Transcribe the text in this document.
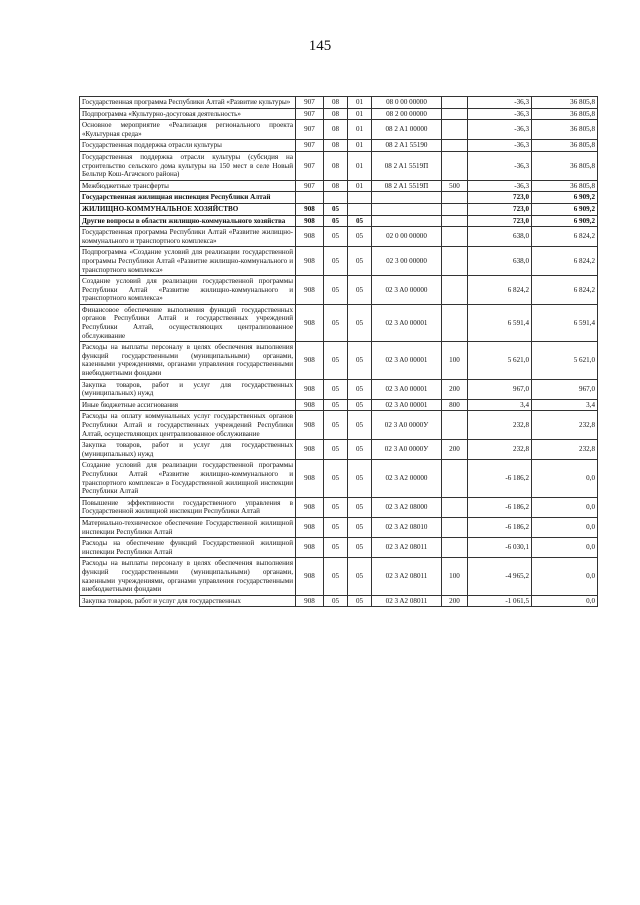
145
Государственная программа Республики Алтай «Развитие культуры»	907	08	01	08 0 00 00000		-36,3	36 805,8
Подпрограмма «Культурно-досуговая деятельность»	907	08	01	08 2 00 00000		-36,3	36 805,8
Основное мероприятие «Реализация регионального проекта «Культурная среда»	907	08	01	08 2 A1 00000		-36,3	36 805,8
Государственная поддержка отрасли культуры	907	08	01	08 2 A1 55190		-36,3	36 805,8
Государственная поддержка отрасли культуры (субсидия на строительство сельского дома культуры на 150 мест в селе Новый Бельтир Кош-Агачского района)	907	08	01	08 2 A1 5519П		-36,3	36 805,8
Межбюджетные трансферты	907	08	01	08 2 A1 5519П	500	-36,3	36 805,8
Государственная жилищная инспекция Республики Алтай						723,0	6 909,2
ЖИЛИЩНО-КОММУНАЛЬНОЕ ХОЗЯЙСТВО	908	05				723,0	6 909,2
Другие вопросы в области жилищно-коммунального хозяйства	908	05	05			723,0	6 909,2
Государственная программа Республики Алтай «Развитие жилищно-коммунального и транспортного комплекса»	908	05	05	02 0 00 00000		638,0	6 824,2
Подпрограмма «Создание условий для реализации государственной программы Республики Алтай «Развитие жилищно-коммунального и транспортного комплекса»	908	05	05	02 3 00 00000		638,0	6 824,2
Создание условий для реализации государственной программы Республики Алтай «Развитие жилищно-коммунального и транспортного комплекса»	908	05	05	02 3 A0 00000		6 824,2	6 824,2
Финансовое обеспечение выполнения функций государственных органов Республики Алтай и государственных учреждений Республики Алтай, осуществляющих централизованное обслуживание	908	05	05	02 3 A0 00001		6 591,4	6 591,4
Расходы на выплаты персоналу в целях обеспечения выполнения функций государственными (муниципальными) органами, казенными учреждениями, органами управления государственными внебюджетными фондами	908	05	05	02 3 A0 00001	100	5 621,0	5 621,0
Закупка товаров, работ и услуг для государственных (муниципальных) нужд	908	05	05	02 3 A0 00001	200	967,0	967,0
Иные бюджетные ассигнования	908	05	05	02 3 A0 00001	800	3,4	3,4
Расходы на оплату коммунальных услуг государственных органов Республики Алтай и государственных учреждений Республики Алтай, осуществляющих централизованное обслуживание	908	05	05	02 3 A0 0000У		232,8	232,8
Закупка товаров, работ и услуг для государственных (муниципальных) нужд	908	05	05	02 3 A0 0000У	200	232,8	232,8
Создание условий для реализации государственной программы Республики Алтай «Развитие жилищно-коммунального и транспортного комплекса» в Государственной жилищной инспекции Республики Алтай	908	05	05	02 3 A2 00000		-6 186,2	0,0
Повышение эффективности государственного управления в Государственной жилищной инспекции Республики Алтай	908	05	05	02 3 A2 08000		-6 186,2	0,0
Материально-техническое обеспечение Государственной жилищной инспекции Республики Алтай	908	05	05	02 3 A2 08010		-6 186,2	0,0
Расходы на обеспечение функций Государственной жилищной инспекции Республики Алтай	908	05	05	02 3 A2 08011		-6 030,1	0,0
Расходы на выплаты персоналу в целях обеспечения выполнения функций государственными (муниципальными) органами, казенными учреждениями, органами управления государственными внебюджетными фондами	908	05	05	02 3 A2 08011	100	-4 965,2	0,0
Закупка товаров, работ и услуг для государственных	908	05	05	02 3 A2 08011	200	-1 061,5	0,0
